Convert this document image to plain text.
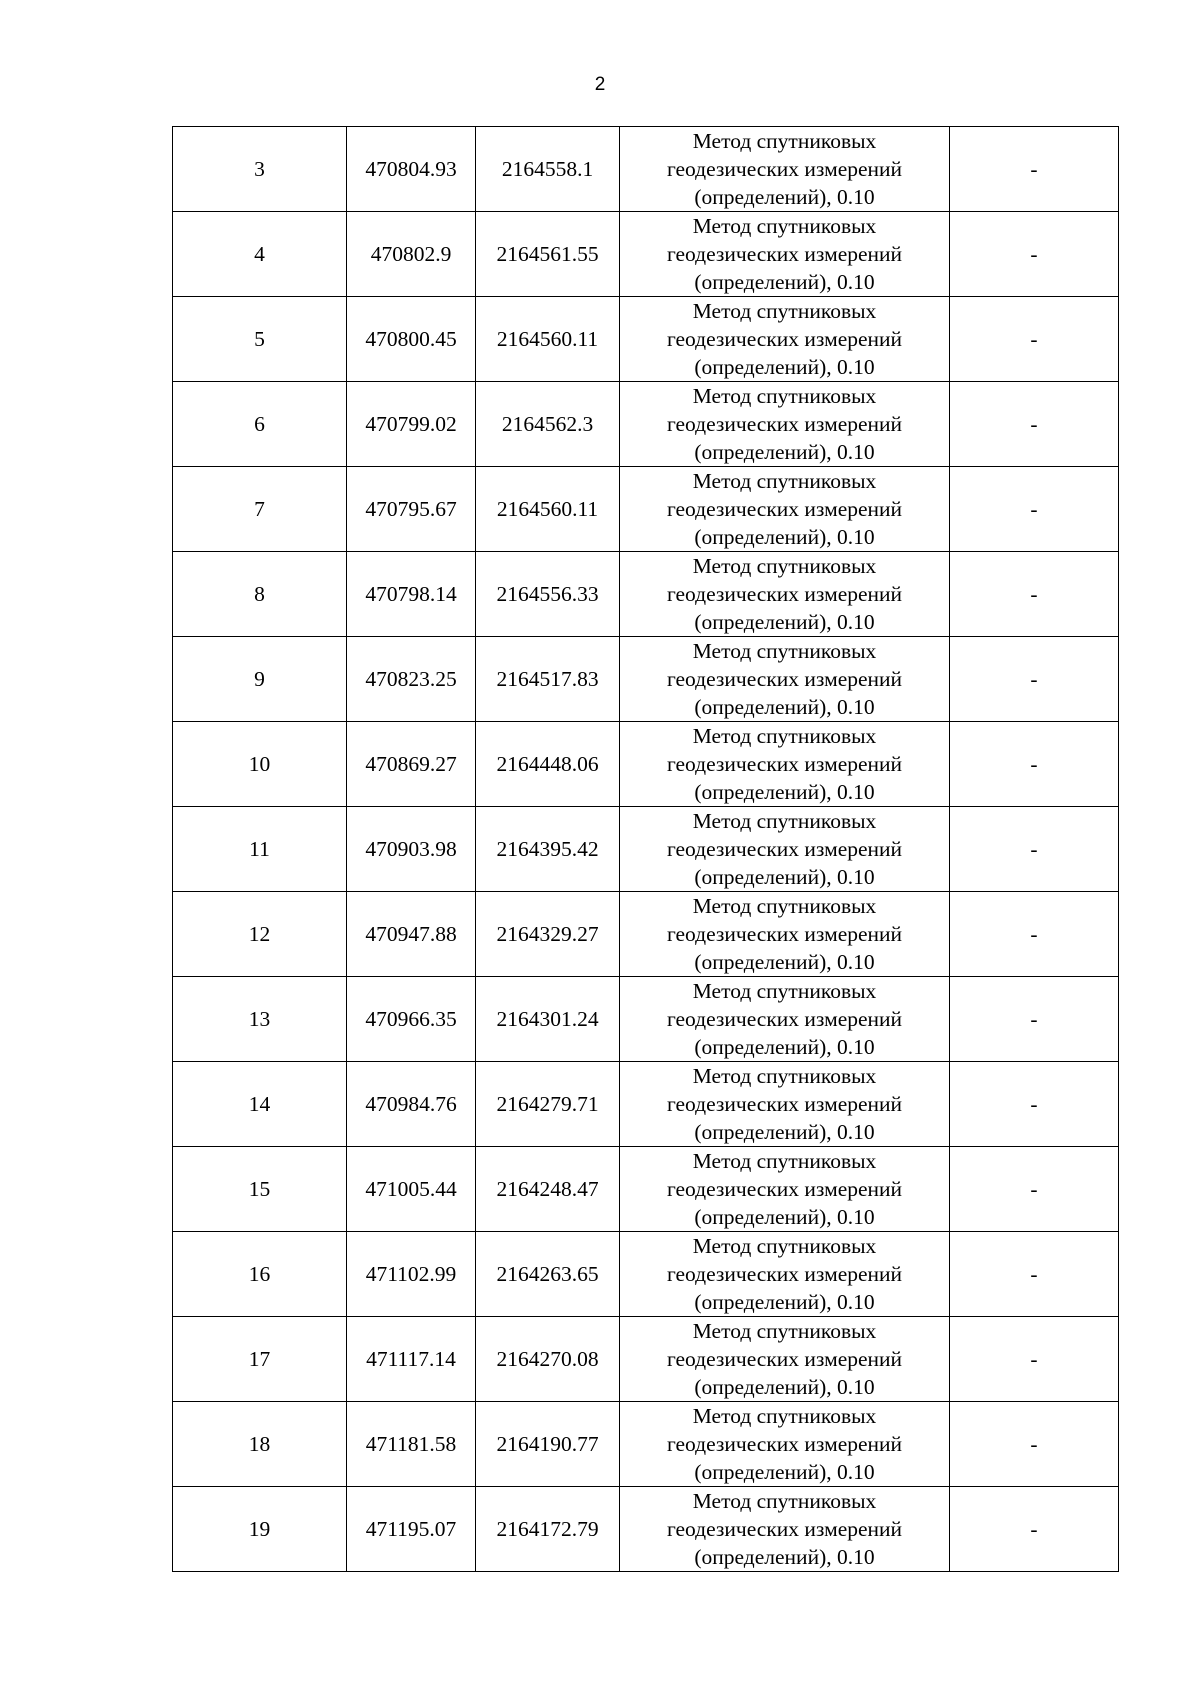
2
3	470804.93	2164558.1	Метод спутниковых
геодезических измерений
(определений), 0.10	-
4	470802.9	2164561.55	Метод спутниковых
геодезических измерений
(определений), 0.10	-
5	470800.45	2164560.11	Метод спутниковых
геодезических измерений
(определений), 0.10	-
6	470799.02	2164562.3	Метод спутниковых
геодезических измерений
(определений), 0.10	-
7	470795.67	2164560.11	Метод спутниковых
геодезических измерений
(определений), 0.10	-
8	470798.14	2164556.33	Метод спутниковых
геодезических измерений
(определений), 0.10	-
9	470823.25	2164517.83	Метод спутниковых
геодезических измерений
(определений), 0.10	-
10	470869.27	2164448.06	Метод спутниковых
геодезических измерений
(определений), 0.10	-
11	470903.98	2164395.42	Метод спутниковых
геодезических измерений
(определений), 0.10	-
12	470947.88	2164329.27	Метод спутниковых
геодезических измерений
(определений), 0.10	-
13	470966.35	2164301.24	Метод спутниковых
геодезических измерений
(определений), 0.10	-
14	470984.76	2164279.71	Метод спутниковых
геодезических измерений
(определений), 0.10	-
15	471005.44	2164248.47	Метод спутниковых
геодезических измерений
(определений), 0.10	-
16	471102.99	2164263.65	Метод спутниковых
геодезических измерений
(определений), 0.10	-
17	471117.14	2164270.08	Метод спутниковых
геодезических измерений
(определений), 0.10	-
18	471181.58	2164190.77	Метод спутниковых
геодезических измерений
(определений), 0.10	-
19	471195.07	2164172.79	Метод спутниковых
геодезических измерений
(определений), 0.10	-
